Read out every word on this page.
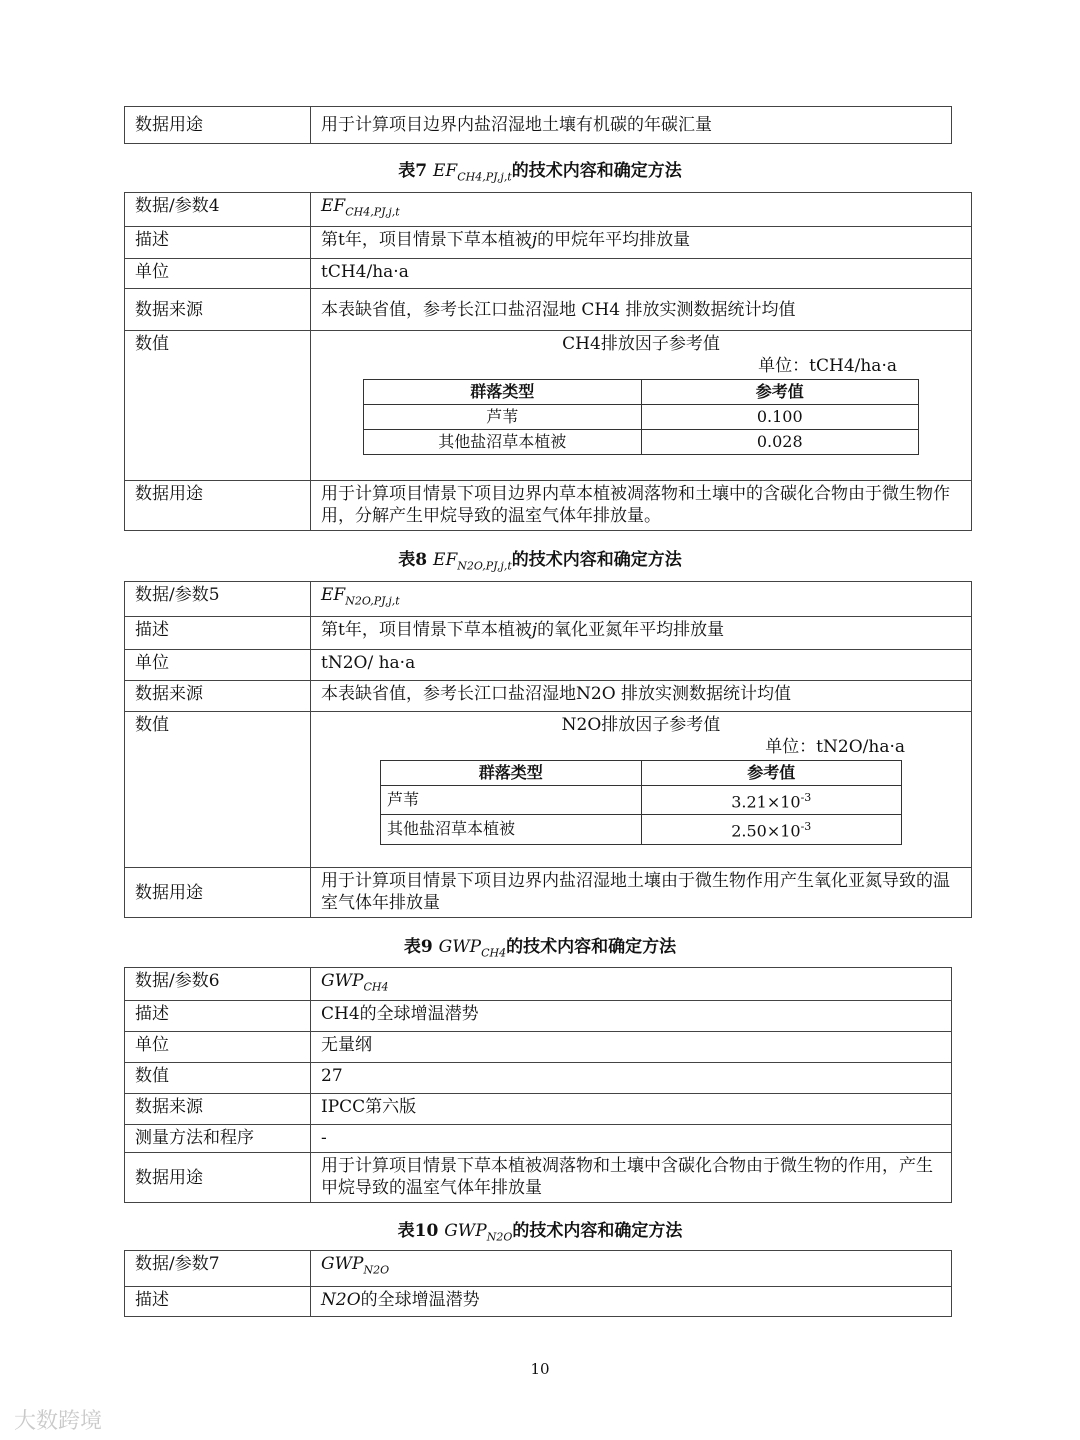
数据用途	用于计算项目边界内盐沼湿地土壤有机碳的年碳汇量
表7 $EF_{CH4,PJ,j,t}$的技术内容和确定方法
数据/参数4	$EF_{CH4,PJ,j,t}$
描述	第t年，项目情景下草本植被j的甲烷年平均排放量
单位	tCH4/ha·a
数据来源	本表缺省值，参考长江口盐沼湿地 CH4 排放实测数据统计均值
数值	CH4排放因子参考值
单位：tCH4/ha·a
群落类型	参考值
芦苇	0.100
其他盐沼草本植被	0.028

数据用途	用于计算项目情景下项目边界内草本植被凋落物和土壤中的含碳化合物由于微生物作用，分解产生甲烷导致的温室气体年排放量。
表8 $EF_{N2O,PJ,j,t}$的技术内容和确定方法
数据/参数5	$EF_{N2O,PJ,j,t}$
描述	第t年，项目情景下草本植被j的氧化亚氮年平均排放量
单位	tN2O/ ha·a
数据来源	本表缺省值，参考长江口盐沼湿地N2O 排放实测数据统计均值
数值	N2O排放因子参考值
单位：tN2O/ha·a
群落类型	参考值
芦苇	$3.21\times 10^{-3}$
其他盐沼草本植被	$2.50\times 10^{-3}$

数据用途	用于计算项目情景下项目边界内盐沼湿地土壤由于微生物作用产生氧化亚氮导致的温室气体年排放量
表9 $GWP_{CH4}$的技术内容和确定方法
数据/参数6	$GWP_{CH4}$
描述	CH4的全球增温潜势
单位	无量纲
数值	27
数据来源	IPCC第六版
测量方法和程序	-
数据用途	用于计算项目情景下草本植被凋落物和土壤中含碳化合物由于微生物的作用，产生甲烷导致的温室气体年排放量
表10 $GWP_{N2O}$的技术内容和确定方法
数据/参数7	$GWP_{N2O}$
描述	N2O的全球增温潜势
10
大数跨境
